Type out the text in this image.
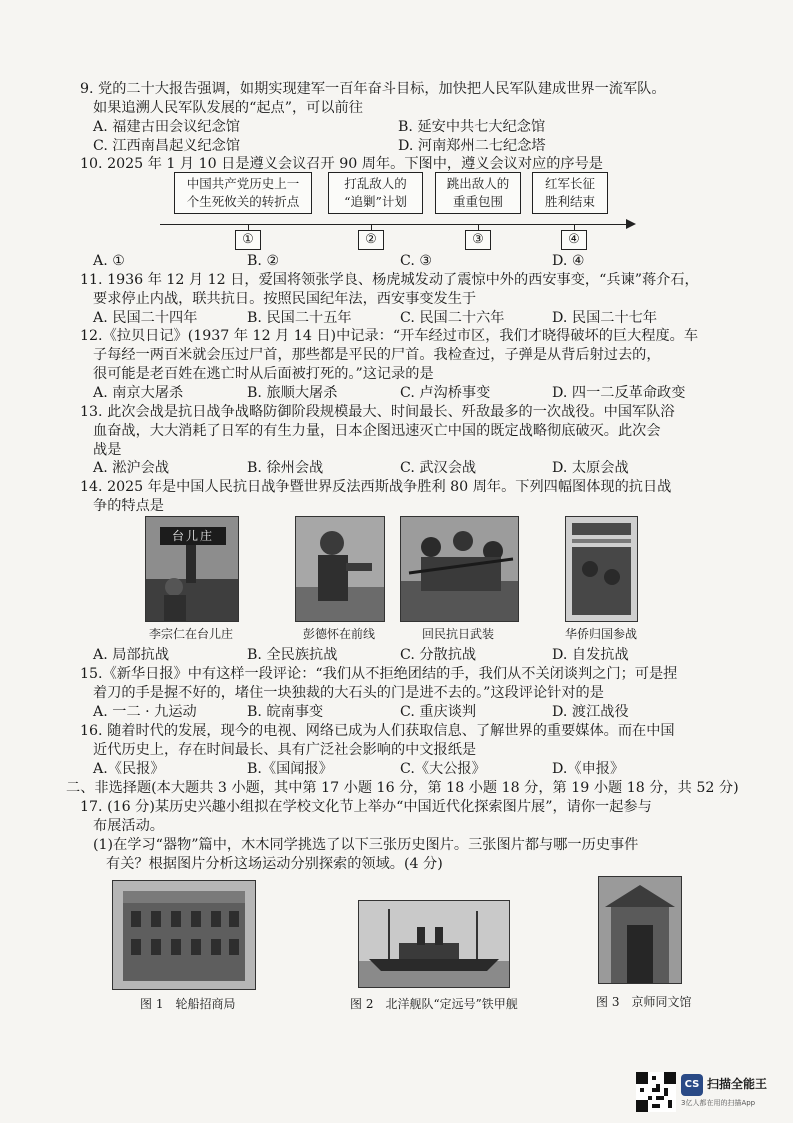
9. 党的二十大报告强调，如期实现建军一百年奋斗目标，加快把人民军队建成世界一流军队。
如果追溯人民军队发展的“起点”，可以前往
A. 福建古田会议纪念馆	B. 延安中共七大纪念馆
C. 江西南昌起义纪念馆	D. 河南郑州二七纪念塔
10. 2025 年 1 月 10 日是遵义会议召开 90 周年。下图中，遵义会议对应的序号是
中国共产党历史上一
个生死攸关的转折点
打乱敌人的
“追剿”计划
跳出敌人的
重重包围
红军长征
胜利结束
①	②	③	④
A. ①	B. ②	C. ③	D. ④
11. 1936 年 12 月 12 日，爱国将领张学良、杨虎城发动了震惊中外的西安事变，“兵谏”蒋介石，
要求停止内战，联共抗日。按照民国纪年法，西安事变发生于
A. 民国二十四年	B. 民国二十五年	C. 民国二十六年	D. 民国二十七年
12.《拉贝日记》(1937 年 12 月 14 日)中记录：“开车经过市区，我们才晓得破坏的巨大程度。车
子每经一两百米就会压过尸首，那些都是平民的尸首。我检查过，子弹是从背后射过去的，
很可能是老百姓在逃亡时从后面被打死的。”这记录的是
A. 南京大屠杀	B. 旅顺大屠杀	C. 卢沟桥事变	D. 四一二反革命政变
13. 此次会战是抗日战争战略防御阶段规模最大、时间最长、歼敌最多的一次战役。中国军队浴
血奋战，大大消耗了日军的有生力量，日本企图迅速灭亡中国的既定战略彻底破灭。此次会
战是
A. 淞沪会战	B. 徐州会战	C. 武汉会战	D. 太原会战
14. 2025 年是中国人民抗日战争暨世界反法西斯战争胜利 80 周年。下列四幅图体现的抗日战
争的特点是
台儿庄
李宗仁在台儿庄	彭德怀在前线	回民抗日武装	华侨归国参战
A. 局部抗战	B. 全民族抗战	C. 分散抗战	D. 自发抗战
15.《新华日报》中有这样一段评论：“我们从不拒绝团结的手，我们从不关闭谈判之门；可是捏
着刀的手是握不好的，堵住一块独裁的大石头的门是进不去的。”这段评论针对的是
A. 一二 · 九运动	B. 皖南事变	C. 重庆谈判	D. 渡江战役
16. 随着时代的发展，现今的电视、网络已成为人们获取信息、了解世界的重要媒体。而在中国
近代历史上，存在时间最长、具有广泛社会影响的中文报纸是
A.《民报》	B.《国闻报》	C.《大公报》	D.《申报》
二、非选择题(本大题共 3 小题，其中第 17 小题 16 分，第 18 小题 18 分，第 19 小题 18 分，共 52 分)
17. (16 分)某历史兴趣小组拟在学校文化节上举办“中国近代化探索图片展”，请你一起参与
布展活动。
(1)在学习“器物”篇中，木木同学挑选了以下三张历史图片。三张图片都与哪一历史事件
有关？根据图片分析这场运动分别探索的领域。(4 分)
图 1　轮船招商局	图 2　北洋舰队“定远号”铁甲舰	图 3　京师同文馆
CS 扫描全能王
3亿人都在用的扫描App
